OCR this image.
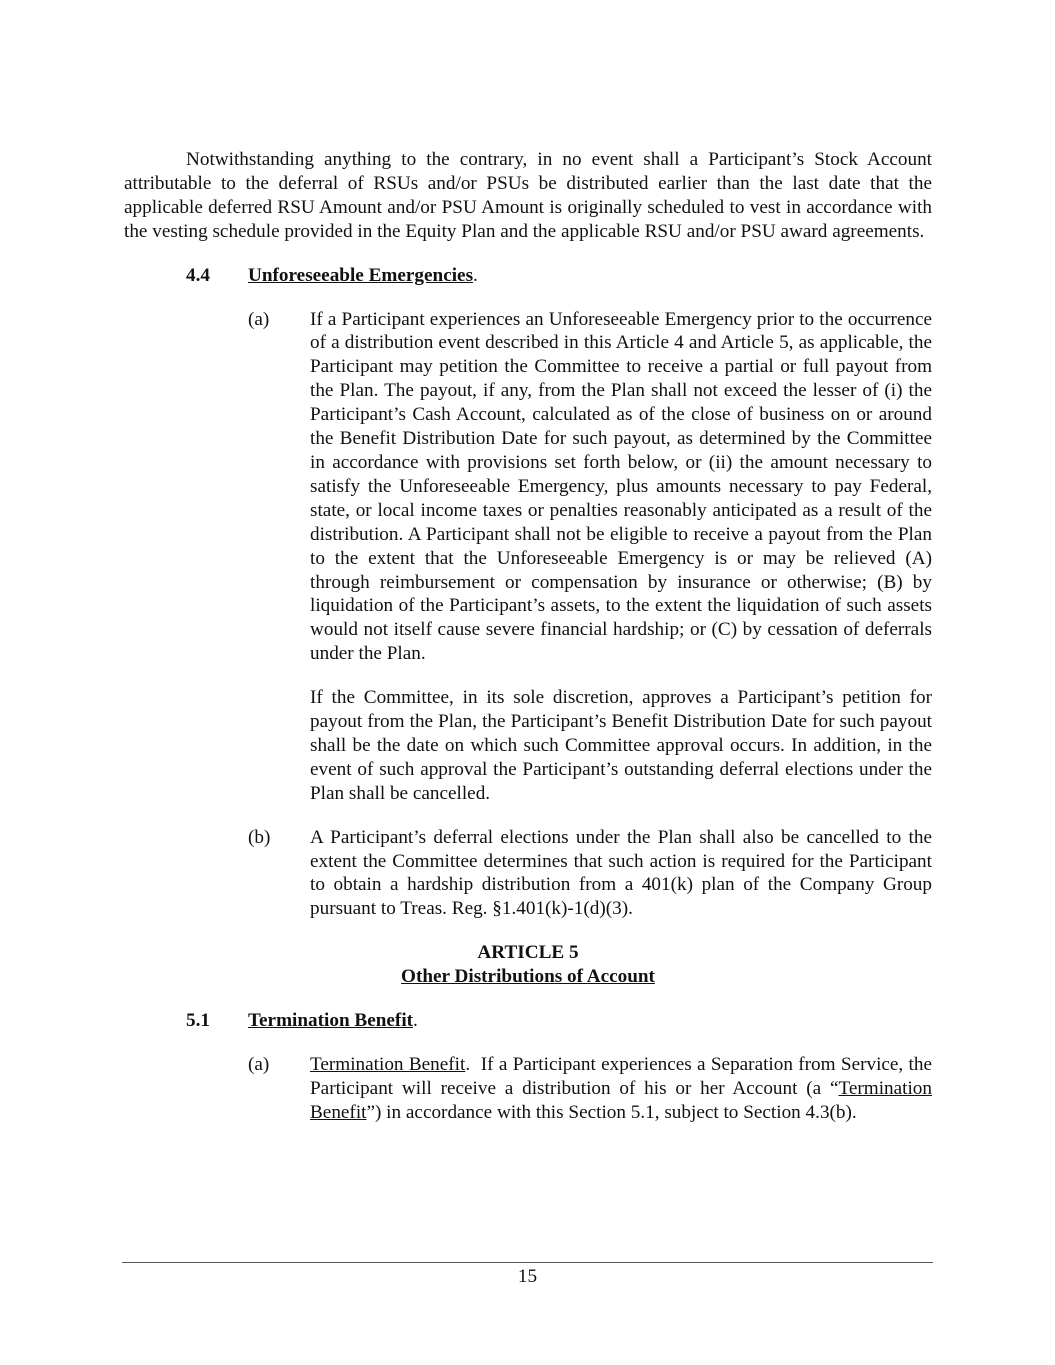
Notwithstanding anything to the contrary, in no event shall a Participant’s Stock Account attributable to the deferral of RSUs and/or PSUs be distributed earlier than the last date that the applicable deferred RSU Amount and/or PSU Amount is originally scheduled to vest in accordance with the vesting schedule provided in the Equity Plan and the applicable RSU and/or PSU award agreements.

4.4 Unforeseeable Emergencies.
(a)	If a Participant experiences an Unforeseeable Emergency prior to the occurrence of a distribution event described in this Article 4 and Article 5, as applicable, the Participant may petition the Committee to receive a partial or full payout from the Plan. The payout, if any, from the Plan shall not exceed the lesser of (i) the Participant’s Cash Account, calculated as of the close of business on or around the Benefit Distribution Date for such payout, as determined by the Committee in accordance with provisions set forth below, or (ii) the amount necessary to satisfy the Unforeseeable Emergency, plus amounts necessary to pay Federal, state, or local income taxes or penalties reasonably anticipated as a result of the distribution. A Participant shall not be eligible to receive a payout from the Plan to the extent that the Unforeseeable Emergency is or may be relieved (A) through reimbursement or compensation by insurance or otherwise; (B) by liquidation of the Participant’s assets, to the extent the liquidation of such assets would not itself cause severe financial hardship; or (C) by cessation of deferrals under the Plan.

If the Committee, in its sole discretion, approves a Participant’s petition for payout from the Plan, the Participant’s Benefit Distribution Date for such payout shall be the date on which such Committee approval occurs. In addition, in the event of such approval the Participant’s outstanding deferral elections under the Plan shall be cancelled.

(b)	A Participant’s deferral elections under the Plan shall also be cancelled to the extent the Committee determines that such action is required for the Participant to obtain a hardship distribution from a 401(k) plan of the Company Group pursuant to Treas. Reg. §1.401(k)-1(d)(3).

ARTICLE 5
Other Distributions of Account
5.1 Termination Benefit.
(a)	Termination Benefit.  If a Participant experiences a Separation from Service, the Participant will receive a distribution of his or her Account (a “Termination Benefit”) in accordance with this Section 5.1, subject to Section 4.3(b).

15
